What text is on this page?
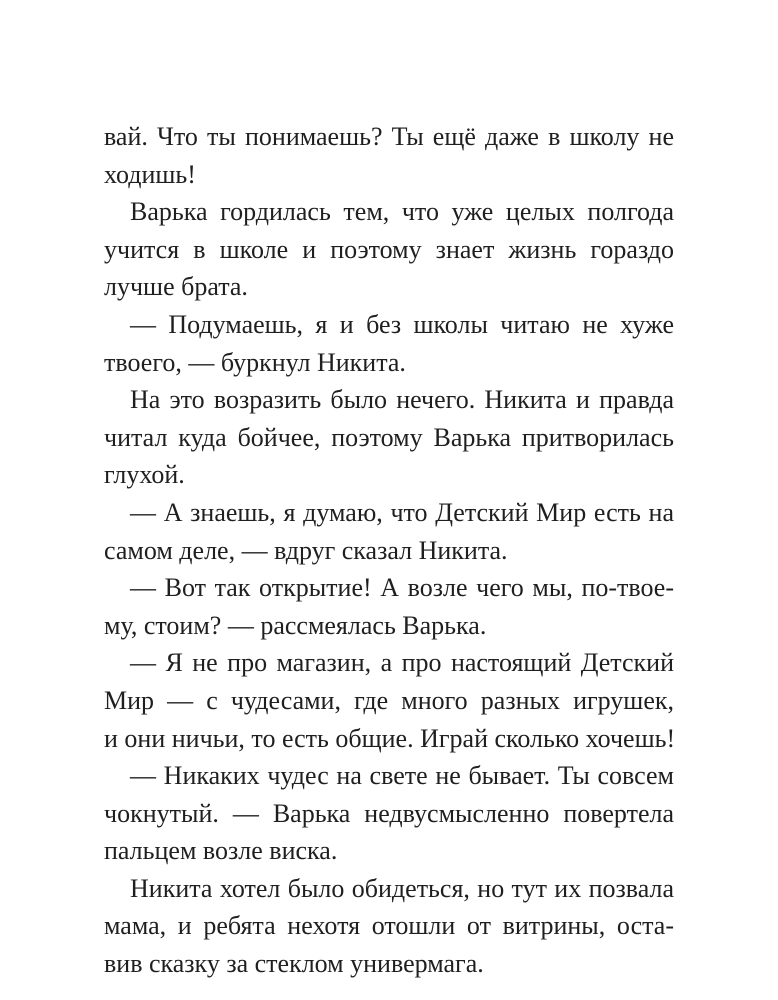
вай. Что ты понимаешь? Ты ещё даже в школу не
ходишь!

Варька гордилась тем, что уже целых полгода
учится в школе и поэтому знает жизнь гораздо
лучше брата.

— Подумаешь, я и без школы читаю не хуже
твоего, — буркнул Никита.

На это возразить было нечего. Никита и правда
читал куда бойчее, поэтому Варька притворилась
глухой.

— А знаешь, я думаю, что Детский Мир есть на
самом деле, — вдруг сказал Никита.

— Вот так открытие! А возле чего мы, по-твое-
му, стоим? — рассмеялась Варька.

— Я не про магазин, а про настоящий Детский
Мир — с чудесами, где много разных игрушек,
и они ничьи, то есть общие. Играй сколько хочешь!

— Никаких чудес на свете не бывает. Ты совсем
чокнутый. — Варька недвусмысленно повертела
пальцем возле виска.

Никита хотел было обидеться, но тут их позвала
мама, и ребята нехотя отошли от витрины, оста-
вив сказку за стеклом универмага.
